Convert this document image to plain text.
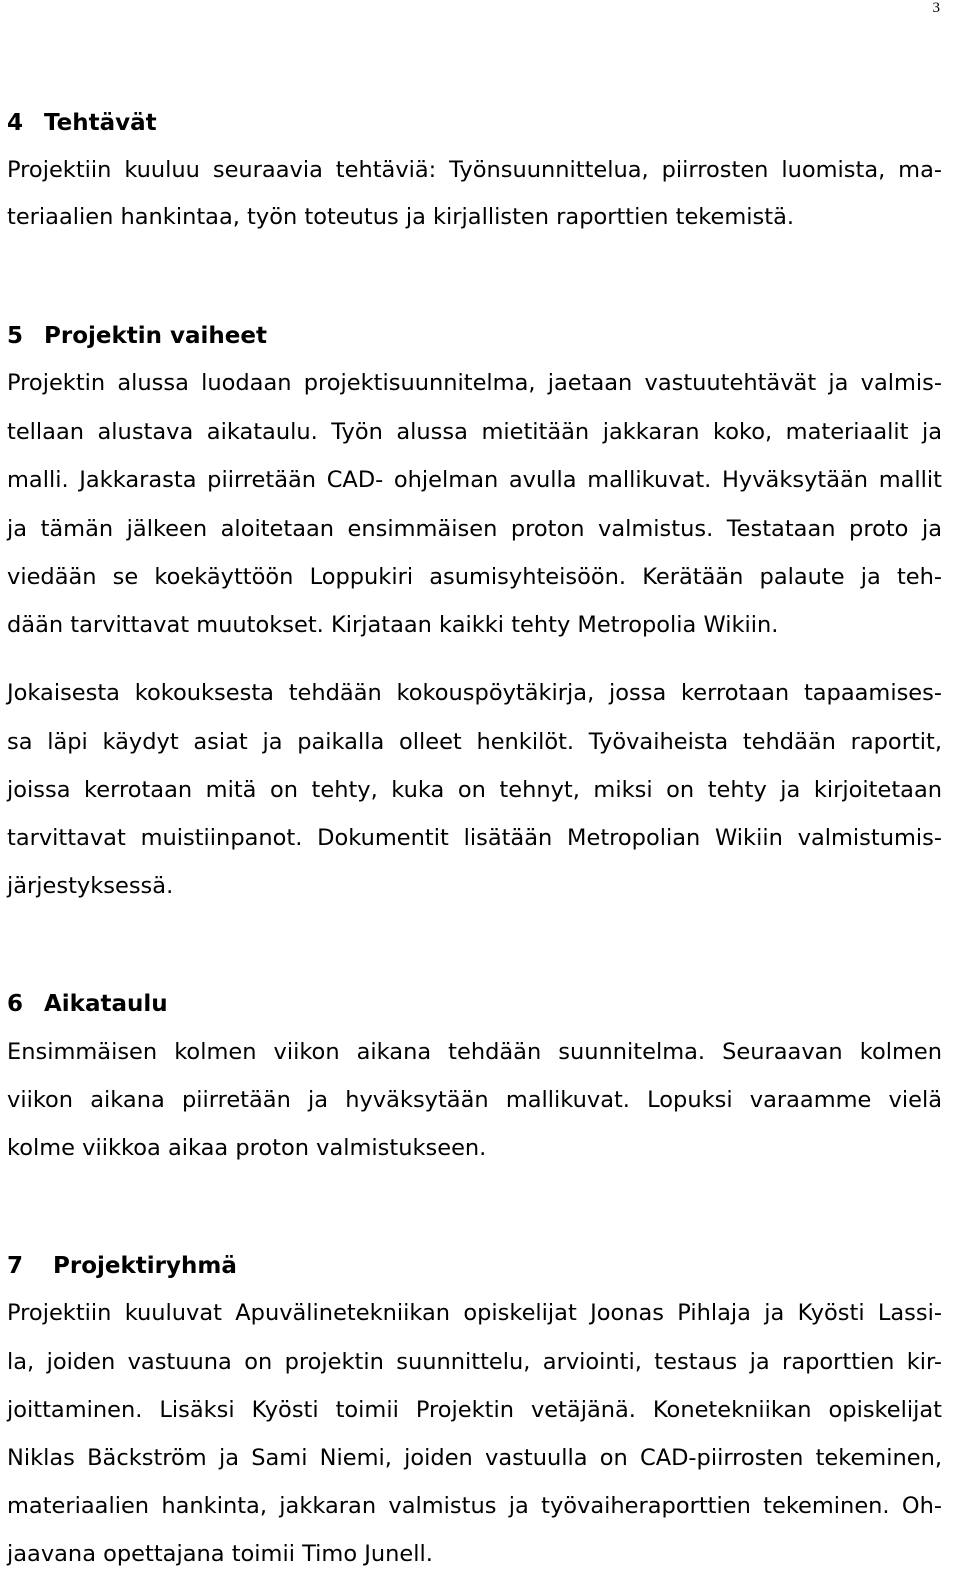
3
4 Tehtävät
Projektiin kuuluu seuraavia tehtäviä: Työnsuunnittelua, piirrosten luomista, ma-
teriaalien hankintaa, työn toteutus ja kirjallisten raporttien tekemistä.
5 Projektin vaiheet
Projektin alussa luodaan projektisuunnitelma, jaetaan vastuutehtävät ja valmis-
tellaan alustava aikataulu. Työn alussa mietitään jakkaran koko, materiaalit ja
malli. Jakkarasta piirretään CAD- ohjelman avulla mallikuvat. Hyväksytään mallit
ja tämän jälkeen aloitetaan ensimmäisen proton valmistus. Testataan proto ja
viedään se koekäyttöön Loppukiri asumisyhteisöön. Kerätään palaute ja teh-
dään tarvittavat muutokset. Kirjataan kaikki tehty Metropolia Wikiin.
Jokaisesta kokouksesta tehdään kokouspöytäkirja, jossa kerrotaan tapaamises-
sa läpi käydyt asiat ja paikalla olleet henkilöt. Työvaiheista tehdään raportit,
joissa kerrotaan mitä on tehty, kuka on tehnyt, miksi on tehty ja kirjoitetaan
tarvittavat muistiinpanot. Dokumentit lisätään Metropolian Wikiin valmistumis-
järjestyksessä.
6 Aikataulu
Ensimmäisen kolmen viikon aikana tehdään suunnitelma. Seuraavan kolmen
viikon aikana piirretään ja hyväksytään mallikuvat. Lopuksi varaamme vielä
kolme viikkoa aikaa proton valmistukseen.
7 Projektiryhmä
Projektiin kuuluvat Apuvälinetekniikan opiskelijat Joonas Pihlaja ja Kyösti Lassi-
la, joiden vastuuna on projektin suunnittelu, arviointi, testaus ja raporttien kir-
joittaminen. Lisäksi Kyösti toimii Projektin vetäjänä. Konetekniikan opiskelijat
Niklas Bäckström ja Sami Niemi, joiden vastuulla on CAD-piirrosten tekeminen,
materiaalien hankinta, jakkaran valmistus ja työvaiheraporttien tekeminen. Oh-
jaavana opettajana toimii Timo Junell.
